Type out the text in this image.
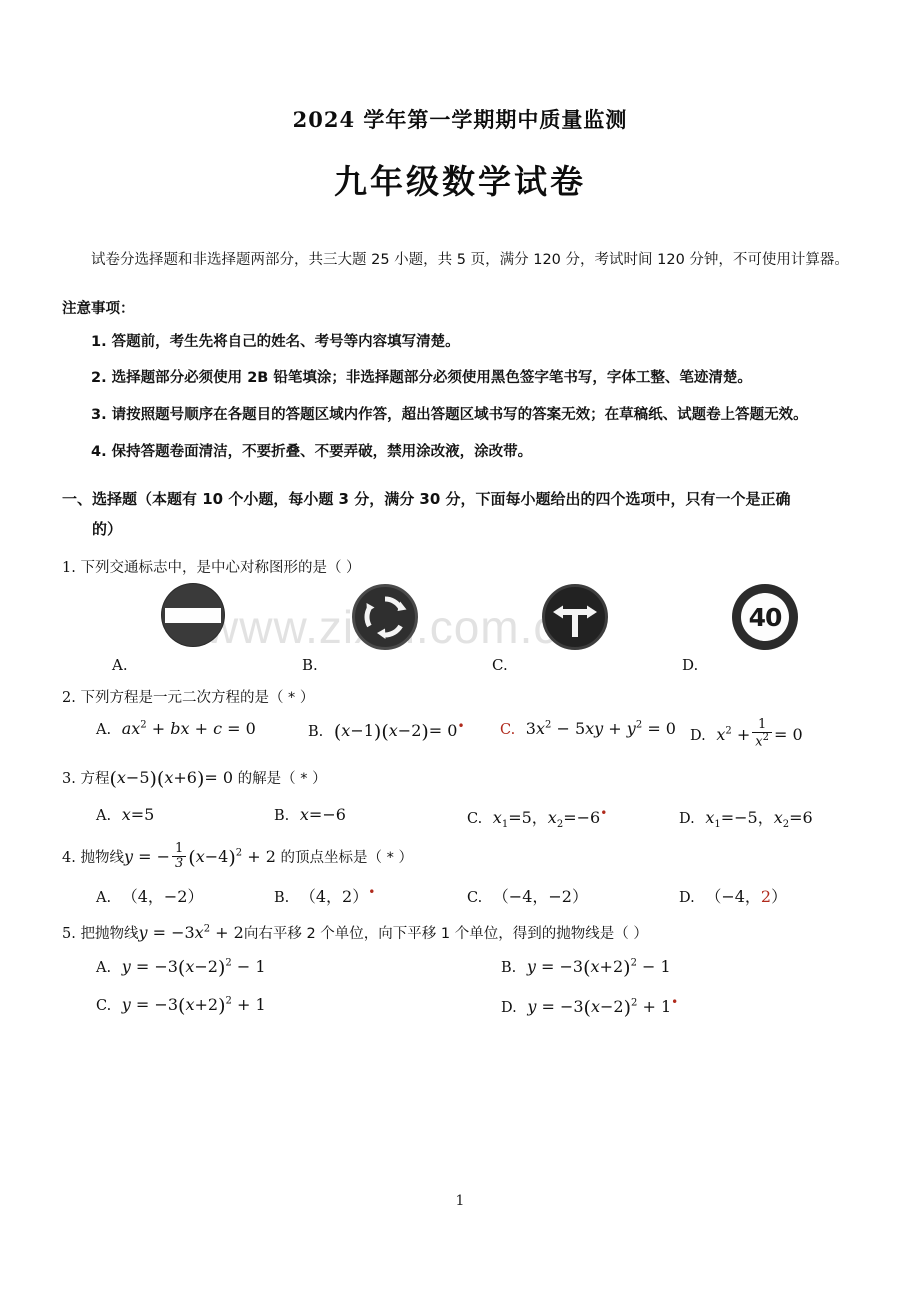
2024 学年第一学期期中质量监测
九年级数学试卷

试卷分选择题和非选择题两部分，共三大题 25 小题，共 5 页，满分 120 分，考试时间 120 分钟，不可使用计算器。

注意事项：

1. 答题前，考生先将自己的姓名、考号等内容填写清楚。

2. 选择题部分必须使用 2B 铅笔填涂；非选择题部分必须使用黑色签字笔书写，字体工整、笔迹清楚。

3. 请按照题号顺序在各题目的答题区域内作答，超出答题区域书写的答案无效；在草稿纸、试题卷上答题无效。

4. 保持答题卷面清洁，不要折叠、不要弄破，禁用涂改液，涂改带。

一、选择题（本题有 10 个小题，每小题 3 分，满分 30 分，下面每小题给出的四个选项中，只有一个是正确
的）
1. 下列交通标志中，是中心对称图形的是（ ）
A.	B.	C.	D.
40
2. 下列方程是一元二次方程的是（ * ）
A. $ax^2$ + bx + c = 0	B. (x−1)(x−2)= 0•	C. $3x^2 - 5xy + y^2 = 0$ D. $x^2 + \frac{1}{x^2} = 0$
3. 方程(x−5)(x+6)= 0 的解是（ * ）
A. x=5	B. x=−6	C. $x_1=5$，$x_2=-6^•$	D. $x_1=-5$，$x_2=6$
4. 抛物线y = − $\frac{1}{3} (x-4)^2 + 2$ 的顶点坐标是（ * ）
A. （4，−2）	B. （4，2）•	C. （−4，−2）	D. （−4，2）
5. 把抛物线$y = -3x^2 + 2$向右平移 2 个单位，向下平移 1 个单位，得到的抛物线是（ ）
A. $y = -3(x-2)^2 - 1$	B. $y = -3(x+2)^2 - 1$
C. $y = -3(x+2)^2 + 1$	D. $y = -3(x-2)^2 + 1^•$
1
